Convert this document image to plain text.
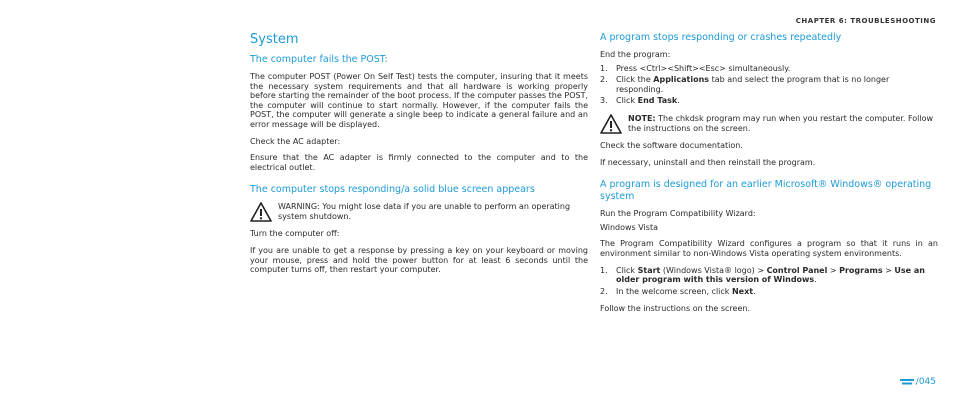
CHAPTER 6: TROUBLESHOOTING
System
The computer fails the POST:
The computer POST (Power On Self Test) tests the computer, insuring that it meets the necessary system requirements and that all hardware is working properly before starting the remainder of the boot process. If the computer passes the POST, the computer will continue to start normally. However, if the computer fails the POST, the computer will generate a single beep to indicate a general failure and an error message will be displayed.
Check the AC adapter:
Ensure that the AC adapter is firmly connected to the computer and to the electrical outlet.
The computer stops responding/a solid blue screen appears
WARNING: You might lose data if you are unable to perform an operating system shutdown.
Turn the computer off:
If you are unable to get a response by pressing a key on your keyboard or moving your mouse, press and hold the power button for at least 6 seconds until the computer turns off, then restart your computer.
A program stops responding or crashes repeatedly
End the program:
1.	Press <Ctrl><Shift><Esc> simultaneously.
2.	Click the Applications tab and select the program that is no longer responding.
3.	Click End Task.
NOTE: The chkdsk program may run when you restart the computer. Follow the instructions on the screen.
Check the software documentation.
If necessary, uninstall and then reinstall the program.
A program is designed for an earlier Microsoft® Windows® operating system
Run the Program Compatibility Wizard:
Windows Vista
The Program Compatibility Wizard configures a program so that it runs in an environment similar to non-Windows Vista operating system environments.
1.	Click Start (Windows Vista® logo) > Control Panel > Programs > Use an older program with this version of Windows.
2.	In the welcome screen, click Next.
Follow the instructions on the screen.
/045
